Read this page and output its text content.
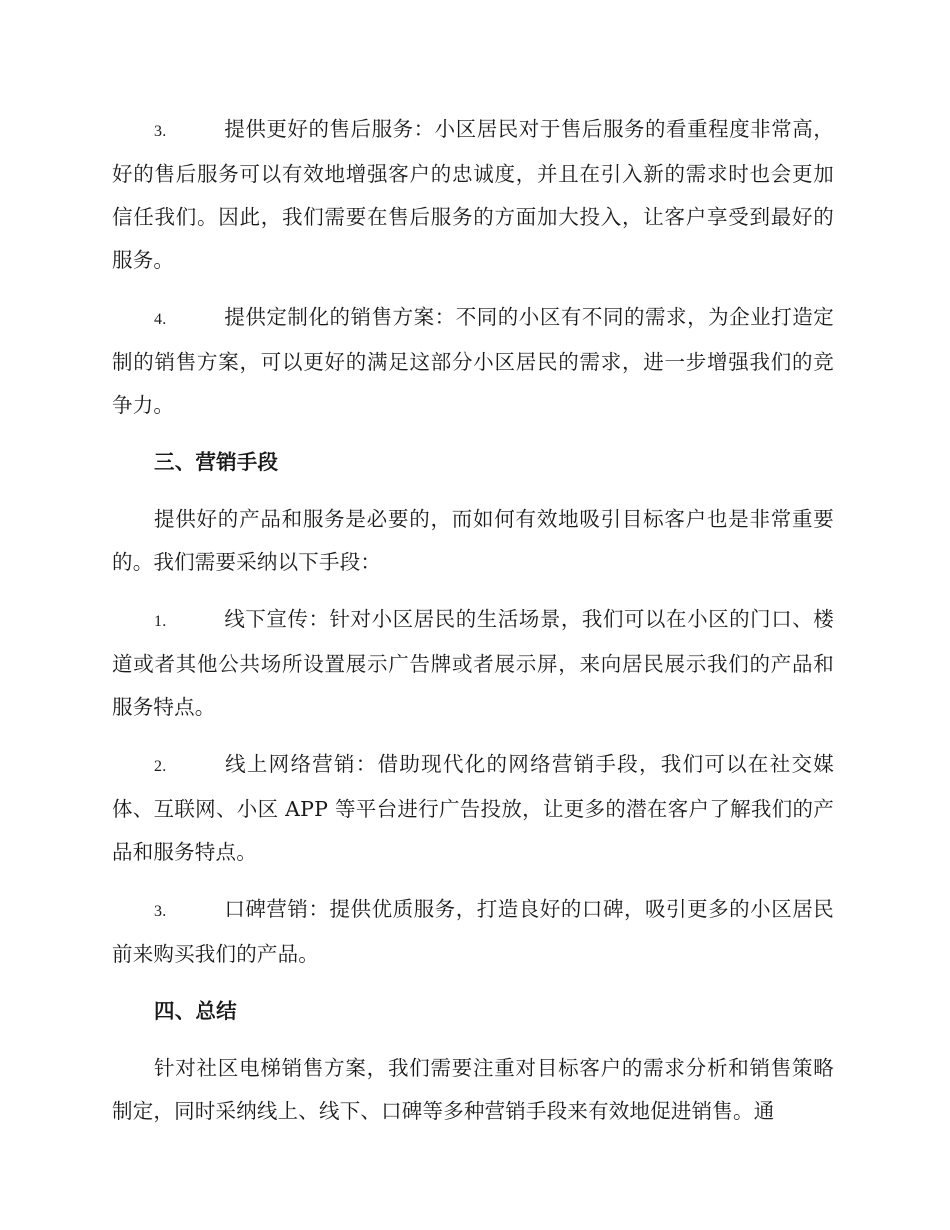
3.	提供更好的售后服务：小区居民对于售后服务的看重程度非常高，好的售后服务可以有效地增强客户的忠诚度，并且在引入新的需求时也会更加信任我们。因此，我们需要在售后服务的方面加大投入，让客户享受到最好的服务。

4.	提供定制化的销售方案：不同的小区有不同的需求，为企业打造定制的销售方案，可以更好的满足这部分小区居民的需求，进一步增强我们的竞争力。

三、营销手段

提供好的产品和服务是必要的，而如何有效地吸引目标客户也是非常重要的。我们需要采纳以下手段：

1.	线下宣传：针对小区居民的生活场景，我们可以在小区的门口、楼道或者其他公共场所设置展示广告牌或者展示屏，来向居民展示我们的产品和服务特点。

2.	线上网络营销：借助现代化的网络营销手段，我们可以在社交媒体、互联网、小区 APP 等平台进行广告投放，让更多的潜在客户了解我们的产品和服务特点。

3.	口碑营销：提供优质服务，打造良好的口碑，吸引更多的小区居民前来购买我们的产品。

四、总结

针对社区电梯销售方案，我们需要注重对目标客户的需求分析和销售策略制定，同时采纳线上、线下、口碑等多种营销手段来有效地促进销售。通
